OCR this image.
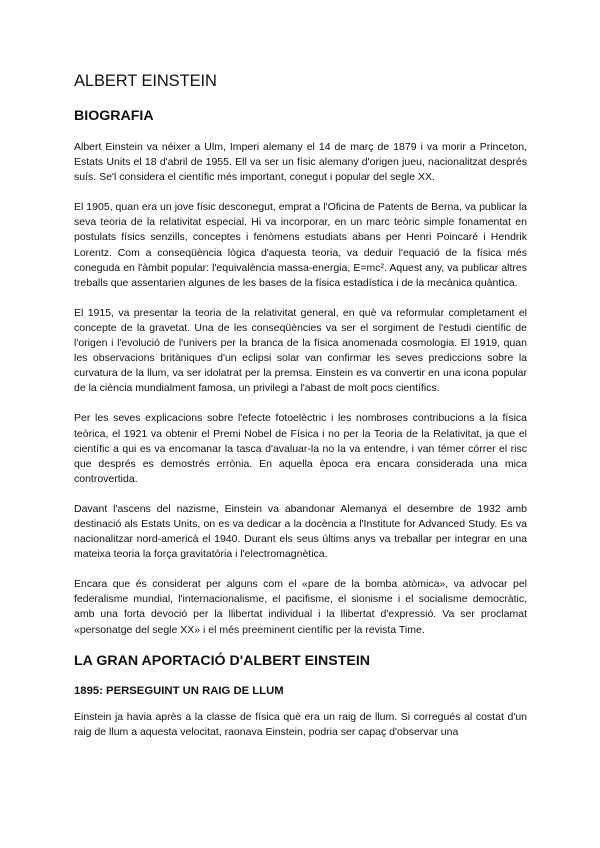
ALBERT EINSTEIN
BIOGRAFIA

Albert Einstein va néixer a Ulm, Imperi alemany el 14 de març de 1879 i va morir a Princeton, Estats Units el 18 d'abril de 1955. Ell va ser un físic alemany d'origen jueu, nacionalitzat després suís. Se'l considera el científic més important, conegut i popular del segle XX.

El 1905, quan era un jove físic desconegut, emprat a l'Oficina de Patents de Berna, va publicar la seva teoria de la relativitat especial. Hi va incorporar, en un marc teòric simple fonamentat en postulats físics senzills, conceptes i fenòmens estudiats abans per Henri Poincaré i Hendrik Lorentz. Com a conseqüència lògica d'aquesta teoria, va deduir l'equació de la física més coneguda en l'àmbit popular: l'equivalència massa-energia, E=mc². Aquest any, va publicar altres treballs que assentarien algunes de les bases de la física estadística i de la mecànica quàntica.

El 1915, va presentar la teoria de la relativitat general, en què va reformular completament el concepte de la gravetat. Una de les conseqüències va ser el sorgiment de l'estudi científic de l'origen i l'evolució de l'univers per la branca de la física anomenada cosmologia. El 1919, quan les observacions britàniques d'un eclipsi solar van confirmar les seves prediccions sobre la curvatura de la llum, va ser idolatrat per la premsa. Einstein es va convertir en una icona popular de la ciència mundialment famosa, un privilegi a l'abast de molt pocs científics.

Per les seves explicacions sobre l'efecte fotoelèctric i les nombroses contribucions a la física teòrica, el 1921 va obtenir el Premi Nobel de Física i no per la Teoria de la Relativitat, ja que el científic a qui es va encomanar la tasca d'avaluar-la no la va entendre, i van témer córrer el risc que després es demostrés errònia. En aquella època era encara considerada una mica controvertida.

Davant l'ascens del nazisme, Einstein va abandonar Alemanya el desembre de 1932 amb destinació als Estats Units, on es va dedicar a la docència a l'Institute for Advanced Study. Es va nacionalitzar nord-americà el 1940. Durant els seus últims anys va treballar per integrar en una mateixa teoria la força gravitatòria i l'electromagnètica.

Encara que és considerat per alguns com el «pare de la bomba atòmica», va advocar pel federalisme mundial, l'internacionalisme, el pacifisme, el sionisme i el socialisme democràtic, amb una forta devoció per la llibertat individual i la llibertat d'expressió. Va ser proclamat «personatge del segle XX» i el més preeminent científic per la revista Time.

LA GRAN APORTACIÓ D'ALBERT EINSTEIN
1895: PERSEGUINT UN RAIG DE LLUM

Einstein ja havia après a la classe de física què era un raig de llum. Si corregués al costat d'un raig de llum a aquesta velocitat, raonava Einstein, podria ser capaç d'observar una
